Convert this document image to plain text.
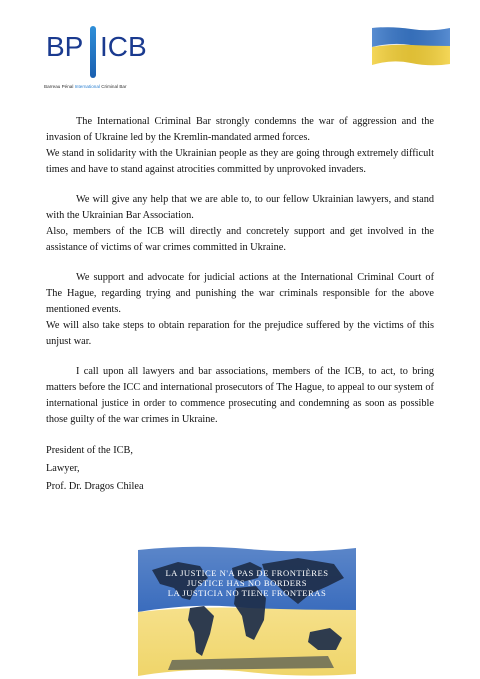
BP ICB
Barreau Pénal International Criminal Bar

The International Criminal Bar strongly condemns the war of aggression and the invasion of Ukraine led by the Kremlin-mandated armed forces.

We stand in solidarity with the Ukrainian people as they are going through extremely difficult times and have to stand against atrocities committed by unprovoked invaders.

We will give any help that we are able to, to our fellow Ukrainian lawyers, and stand with the Ukrainian Bar Association.

Also, members of the ICB will directly and concretely support and get involved in the assistance of victims of war crimes committed in Ukraine.

We support and advocate for judicial actions at the International Criminal Court of The Hague, regarding trying and punishing the war criminals responsible for the above mentioned events.

We will also take steps to obtain reparation for the prejudice suffered by the victims of this unjust war.

I call upon all lawyers and bar associations, members of the ICB, to act, to bring matters before the ICC and international prosecutors of The Hague, to appeal to our system of international justice in order to commence prosecuting and condemning as soon as possible those guilty of the war crimes in Ukraine.

President of the ICB,

Lawyer,

Prof. Dr. Dragos Chilea

LA JUSTICE N'A PAS DE FRONTIÈRES
JUSTICE HAS NO BORDERS
LA JUSTICIA NO TIENE FRONTERAS
